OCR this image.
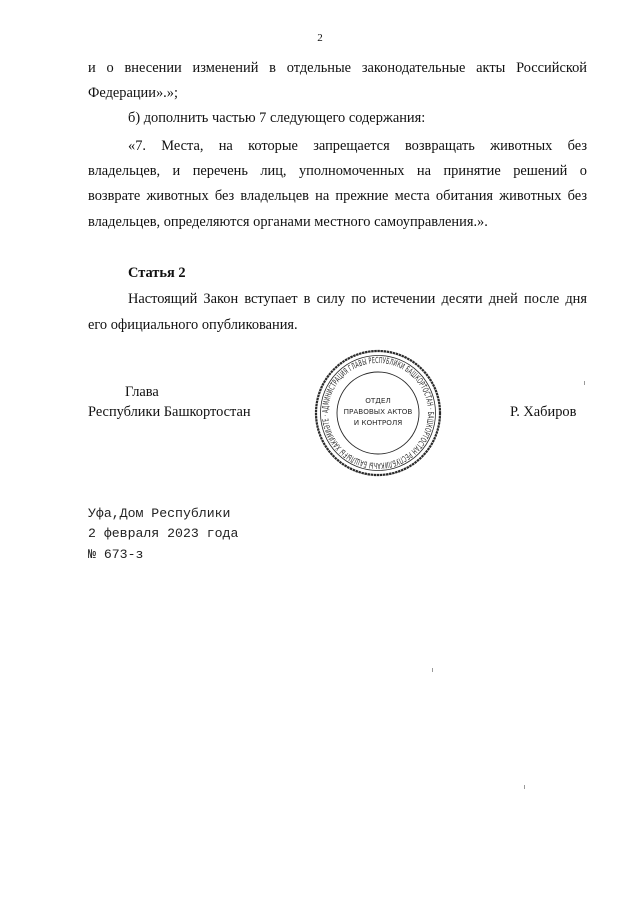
2
и о внесении изменений в отдельные законодательные акты Российской
Федерации».»;
б) дополнить частью 7 следующего содержания:
«7. Места, на которые запрещается возвращать животных без
владельцев, и перечень лиц, уполномоченных на принятие решений о
возврате животных без владельцев на прежние места обитания животных без
владельцев, определяются органами местного самоуправления.».
Статья 2
Настоящий Закон вступает в силу по истечении десяти дней после дня
его официального опубликования.
Глава
Республики Башкортостан	Р. Хабиров
АДМИНИСТРАЦИЯ ГЛАВЫ РЕСПУБЛИКИ БАШКОРТОСТАН · БАШКОРТОСТАН РЕСПУБЛИКАҺЫ БАШЛЫҒЫ ХАКИМИӘТЕ ·
ОТДЕЛ
ПРАВОВЫХ АКТОВ
И КОНТРОЛЯ
Уфа,Дом Республики
2 февраля 2023 года
№ 673-з
